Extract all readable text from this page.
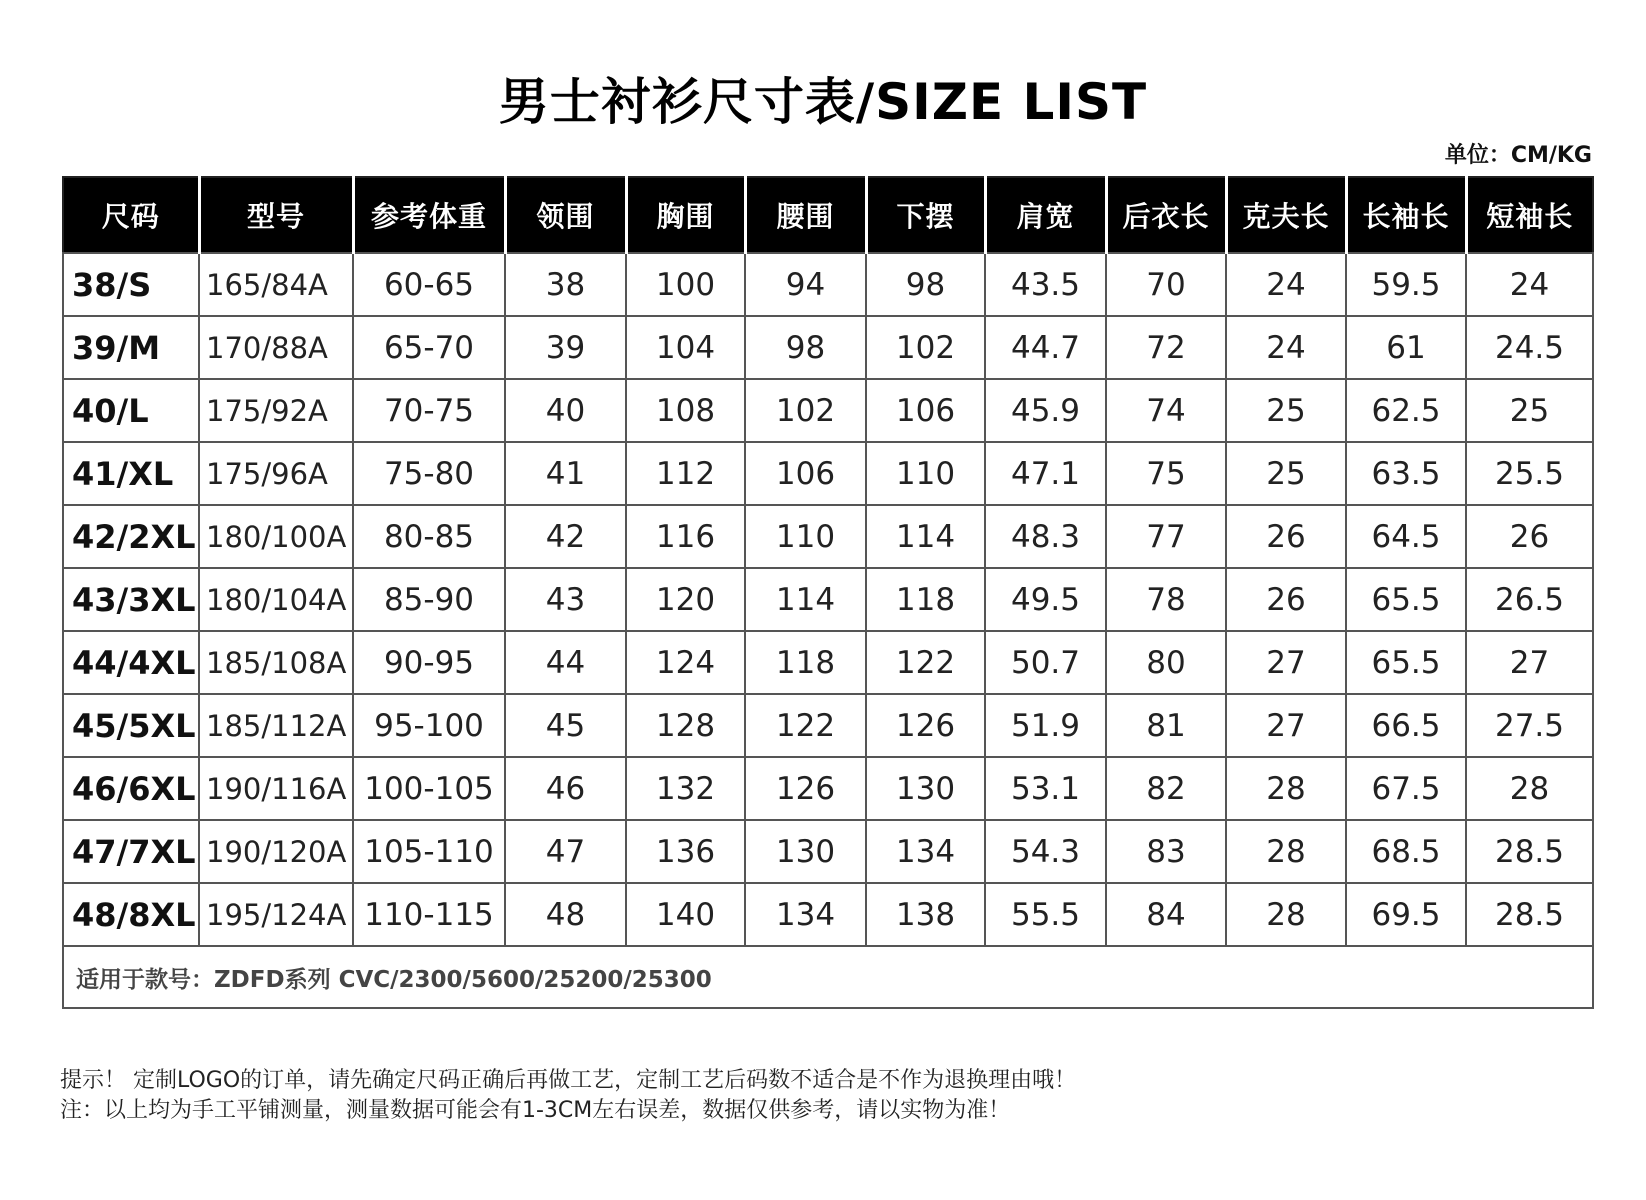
男士衬衫尺寸表/SIZE LIST
单位：CM/KG
尺码	型号	参考体重	领围	胸围	腰围	下摆	肩宽	后衣长	克夫长	长袖长	短袖长
38/S	165/84A	60-65	38	100	94	98	43.5	70	24	59.5	24
39/M	170/88A	65-70	39	104	98	102	44.7	72	24	61	24.5
40/L	175/92A	70-75	40	108	102	106	45.9	74	25	62.5	25
41/XL	175/96A	75-80	41	112	106	110	47.1	75	25	63.5	25.5
42/2XL	180/100A	80-85	42	116	110	114	48.3	77	26	64.5	26
43/3XL	180/104A	85-90	43	120	114	118	49.5	78	26	65.5	26.5
44/4XL	185/108A	90-95	44	124	118	122	50.7	80	27	65.5	27
45/5XL	185/112A	95-100	45	128	122	126	51.9	81	27	66.5	27.5
46/6XL	190/116A	100-105	46	132	126	130	53.1	82	28	67.5	28
47/7XL	190/120A	105-110	47	136	130	134	54.3	83	28	68.5	28.5
48/8XL	195/124A	110-115	48	140	134	138	55.5	84	28	69.5	28.5
适用于款号：ZDFD系列 CVC/2300/5600/25200/25300											
提示！ 定制LOGO的订单，请先确定尺码正确后再做工艺，定制工艺后码数不适合是不作为退换理由哦！
注：以上均为手工平铺测量，测量数据可能会有1-3CM左右误差，数据仅供参考，请以实物为准！
